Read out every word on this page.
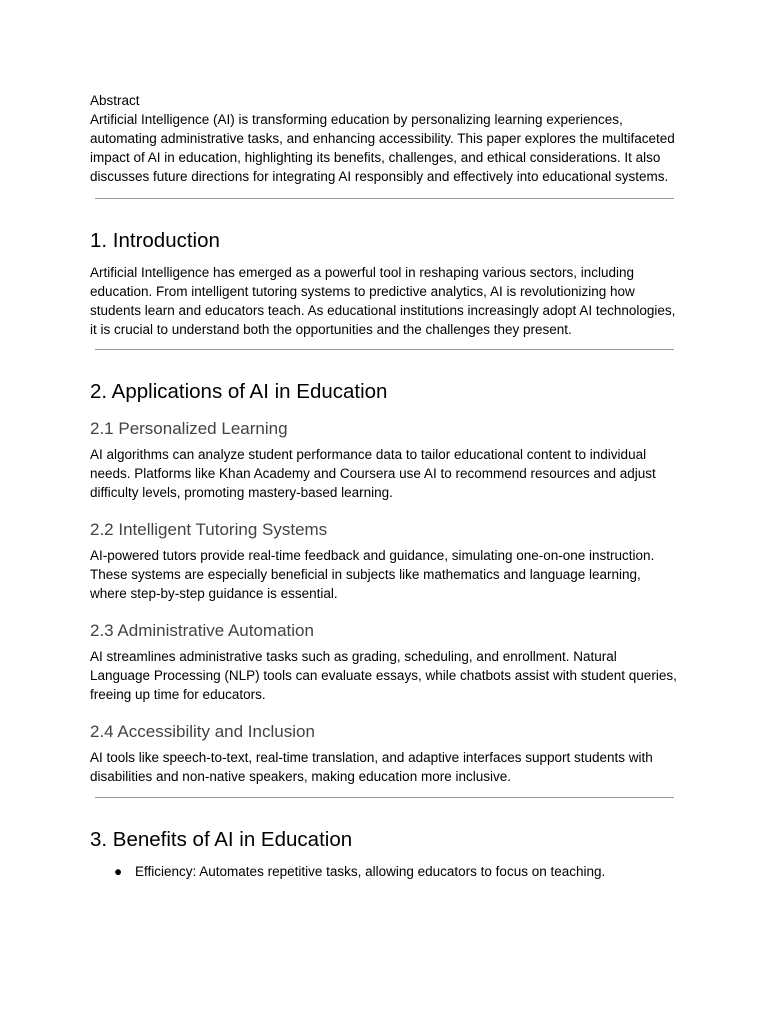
Abstract

Artificial Intelligence (AI) is transforming education by personalizing learning experiences, automating administrative tasks, and enhancing accessibility. This paper explores the multifaceted impact of AI in education, highlighting its benefits, challenges, and ethical considerations. It also discusses future directions for integrating AI responsibly and effectively into educational systems.

1. Introduction

Artificial Intelligence has emerged as a powerful tool in reshaping various sectors, including education. From intelligent tutoring systems to predictive analytics, AI is revolutionizing how students learn and educators teach. As educational institutions increasingly adopt AI technologies, it is crucial to understand both the opportunities and the challenges they present.

2. Applications of AI in Education
2.1 Personalized Learning

AI algorithms can analyze student performance data to tailor educational content to individual needs. Platforms like Khan Academy and Coursera use AI to recommend resources and adjust difficulty levels, promoting mastery-based learning.

2.2 Intelligent Tutoring Systems

AI-powered tutors provide real-time feedback and guidance, simulating one-on-one instruction. These systems are especially beneficial in subjects like mathematics and language learning, where step-by-step guidance is essential.

2.3 Administrative Automation

AI streamlines administrative tasks such as grading, scheduling, and enrollment. Natural Language Processing (NLP) tools can evaluate essays, while chatbots assist with student queries, freeing up time for educators.

2.4 Accessibility and Inclusion

AI tools like speech-to-text, real-time translation, and adaptive interfaces support students with disabilities and non-native speakers, making education more inclusive.

3. Benefits of AI in Education
● Efficiency: Automates repetitive tasks, allowing educators to focus on teaching.
